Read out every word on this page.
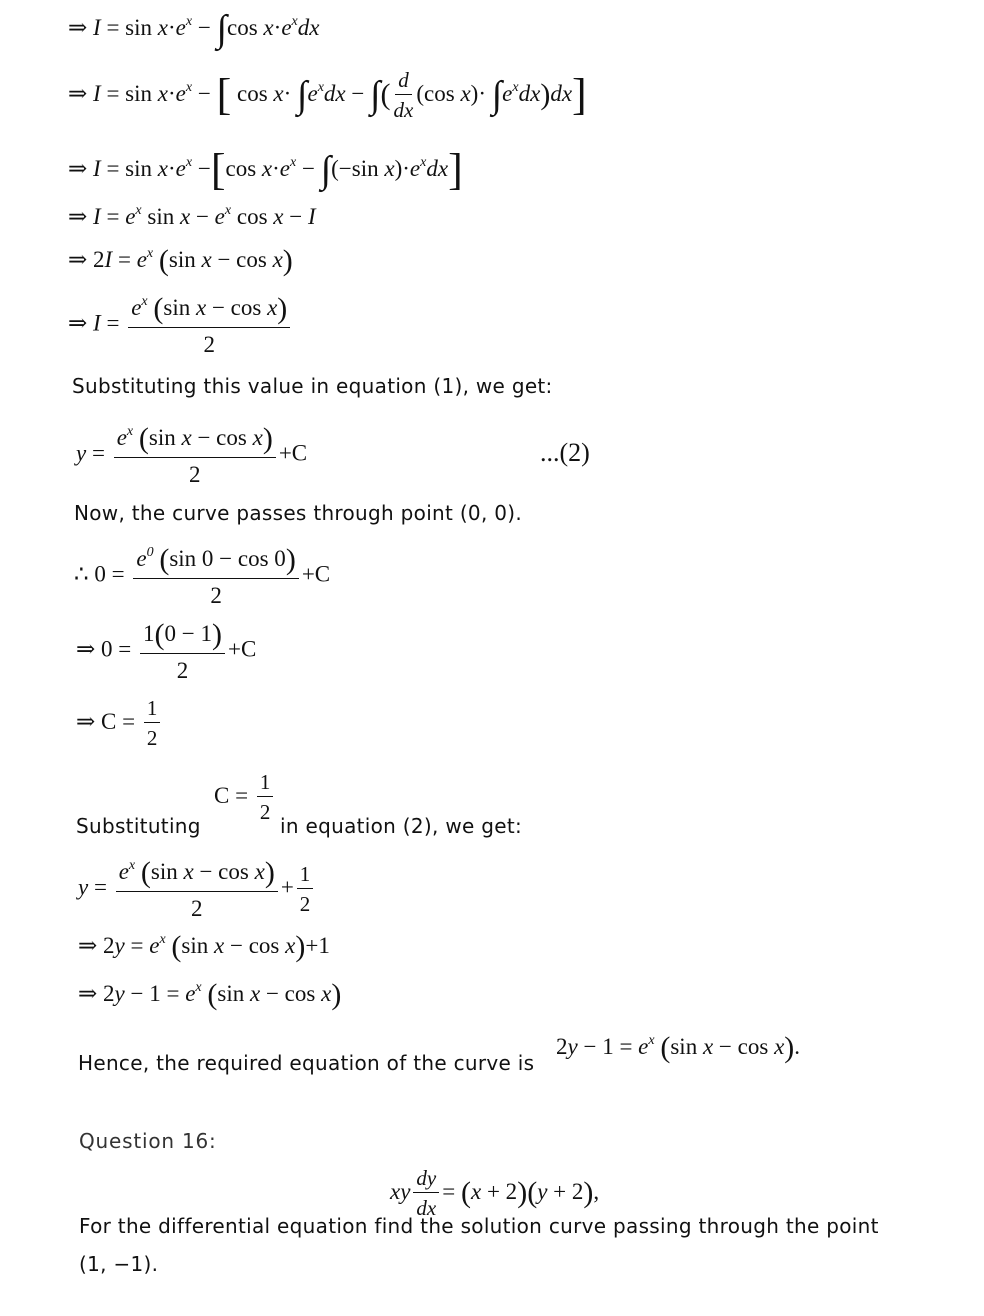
⇒ $I = \sin x\cdot e^x - \int\cos$ $x\cdot e^xdx$
⇒ $I = \sin x\cdot e^x$ − [ $\cos x\cdot \int e^xdx$ − ∫( $\frac{d}{dx} (\cos$ $x)\cdot \int e^xdx)dx$]
⇒ $I = \sin x\cdot e^x -[\cos$ $x\cdot e^x - \int(-\sin$ $x)\cdot e^xdx$]
⇒ $I = e^x$ $\sin x - e^x$ cos x − I
⇒ $2I = e^x$ (sin x − cos x)
⇒ $I = \frac{e^x (\sin x - \cos x)}{2}$
Substituting this value in equation (1), we get:
$y = \frac{e^x (\sin x - \cos x)}{2} +C$	...(2)
Now, the curve passes through point (0, 0).
∴ $0 = \frac{e^0 (\sin 0 - \cos 0)}{2} +C$
⇒ $0 = \frac{1(0 - 1)}{2} +C$
⇒ $C = \frac{1}{2}$
$C = \frac{1}{2}$
Substituting	in equation (2), we get:
$y = \frac{e^x (\sin x - \cos x)}{2} + \frac{1}{2}$
⇒ $2y = e^x$ (sin x − cos x)+1
⇒ $2y - 1 = e^x$ (sin x − cos x)
Hence, the required equation of the curve is
$2y - 1 = e^x$ (sin x − cos x).
Question 16:
xy $\frac{dy}{dx} = (x + 2)(y + 2)$,
For the differential equation find the solution curve passing through the point
(1, −1).
